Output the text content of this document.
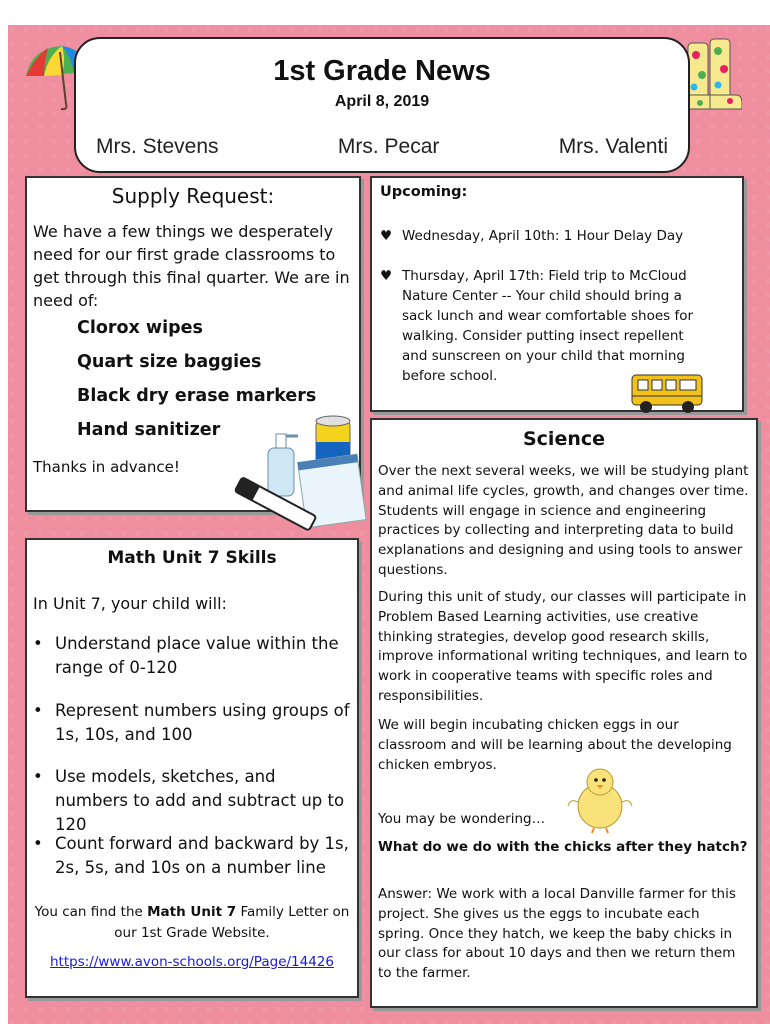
1st Grade News
April 8, 2019
Mrs. Stevens	Mrs. Pecar	Mrs. Valenti
Supply Request:
We have a few things we desperately need for our first grade classrooms to get through this final quarter. We are in need of:
Clorox wipes
Quart size baggies
Black dry erase markers
Hand sanitizer
Thanks in advance!
Upcoming:
♥ Wednesday, April 10th: 1 Hour Delay Day
♥ Thursday, April 17th: Field trip to McCloud Nature Center -- Your child should bring a sack lunch and wear comfortable shoes for walking. Consider putting insect repellent and sunscreen on your child that morning before school.
Science
Over the next several weeks, we will be studying plant and animal life cycles, growth, and changes over time. Students will engage in science and engineering practices by collecting and interpreting data to build explanations and designing and using tools to answer questions.
During this unit of study, our classes will participate in Problem Based Learning activities, use creative thinking strategies, develop good research skills, improve informational writing techniques, and learn to work in cooperative teams with specific roles and responsibilities.
We will begin incubating chicken eggs in our classroom and will be learning about the developing chicken embryos.
You may be wondering…
What do we do with the chicks after they hatch?
Answer: We work with a local Danville farmer for this project. She gives us the eggs to incubate each spring. Once they hatch, we keep the baby chicks in our class for about 10 days and then we return them to the farmer.
Math Unit 7 Skills
In Unit 7, your child will:
• Understand place value within the range of 0-120
• Represent numbers using groups of 1s, 10s, and 100
• Use models, sketches, and numbers to add and subtract up to 120
• Count forward and backward by 1s, 2s, 5s, and 10s on a number line
You can find the Math Unit 7 Family Letter on our 1st Grade Website.
https://www.avon-schools.org/Page/14426
